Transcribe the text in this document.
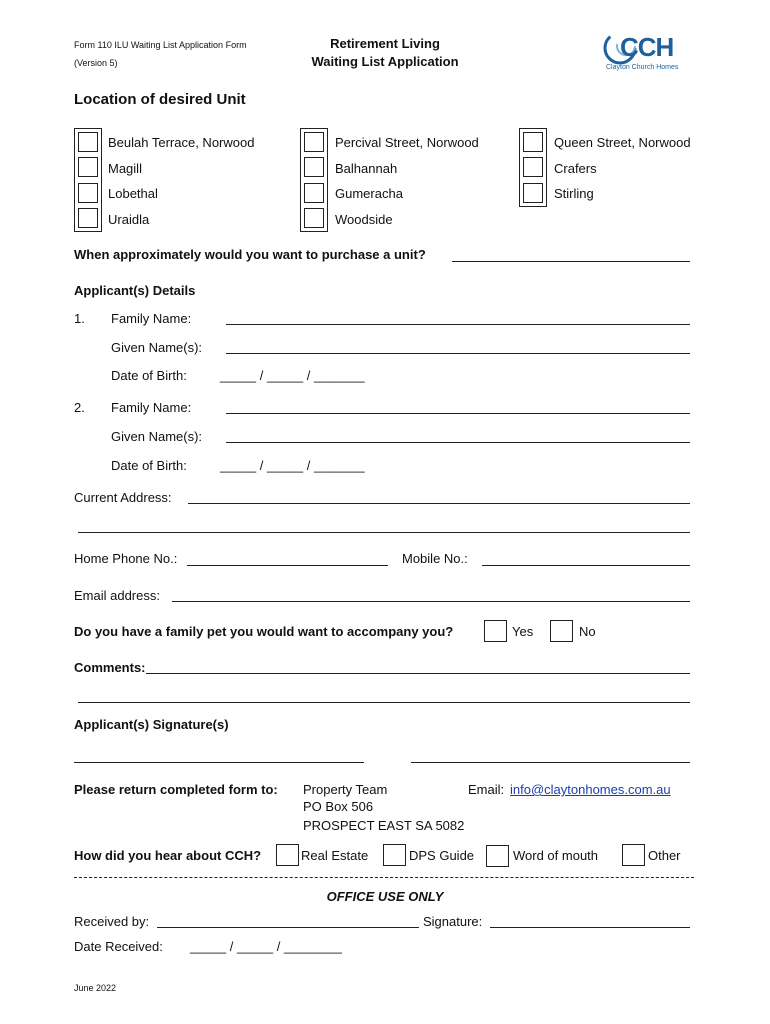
Form 110 ILU Waiting List Application Form
(Version 5)
Retirement Living
Waiting List Application	CCH
Clayton Church Homes
Location of desired Unit
Beulah Terrace, Norwood
Magill
Lobethal
Uraidla
Percival Street, Norwood
Balhannah
Gumeracha
Woodside
Queen Street, Norwood
Crafers
Stirling
When approximately would you want to purchase a unit?
Applicant(s) Details
1. Family Name:
Given Name(s):
Date of Birth:	_____ / _____ / _______
2. Family Name:
Given Name(s):
Date of Birth:	_____ / _____ / _______
Current Address:
Home Phone No.:	Mobile No.:
Email address:
Do you have a family pet you would want to accompany you?	Yes	No
Comments:
Applicant(s) Signature(s)
Please return completed form to: Property Team
PO Box 506
PROSPECT EAST SA 5082
Email: info@claytonhomes.com.au
How did you hear about CCH?	Real Estate	DPS Guide	Word of mouth	Other
OFFICE USE ONLY
Received by:	Signature:
Date Received: _____ / _____ / ________
June 2022
